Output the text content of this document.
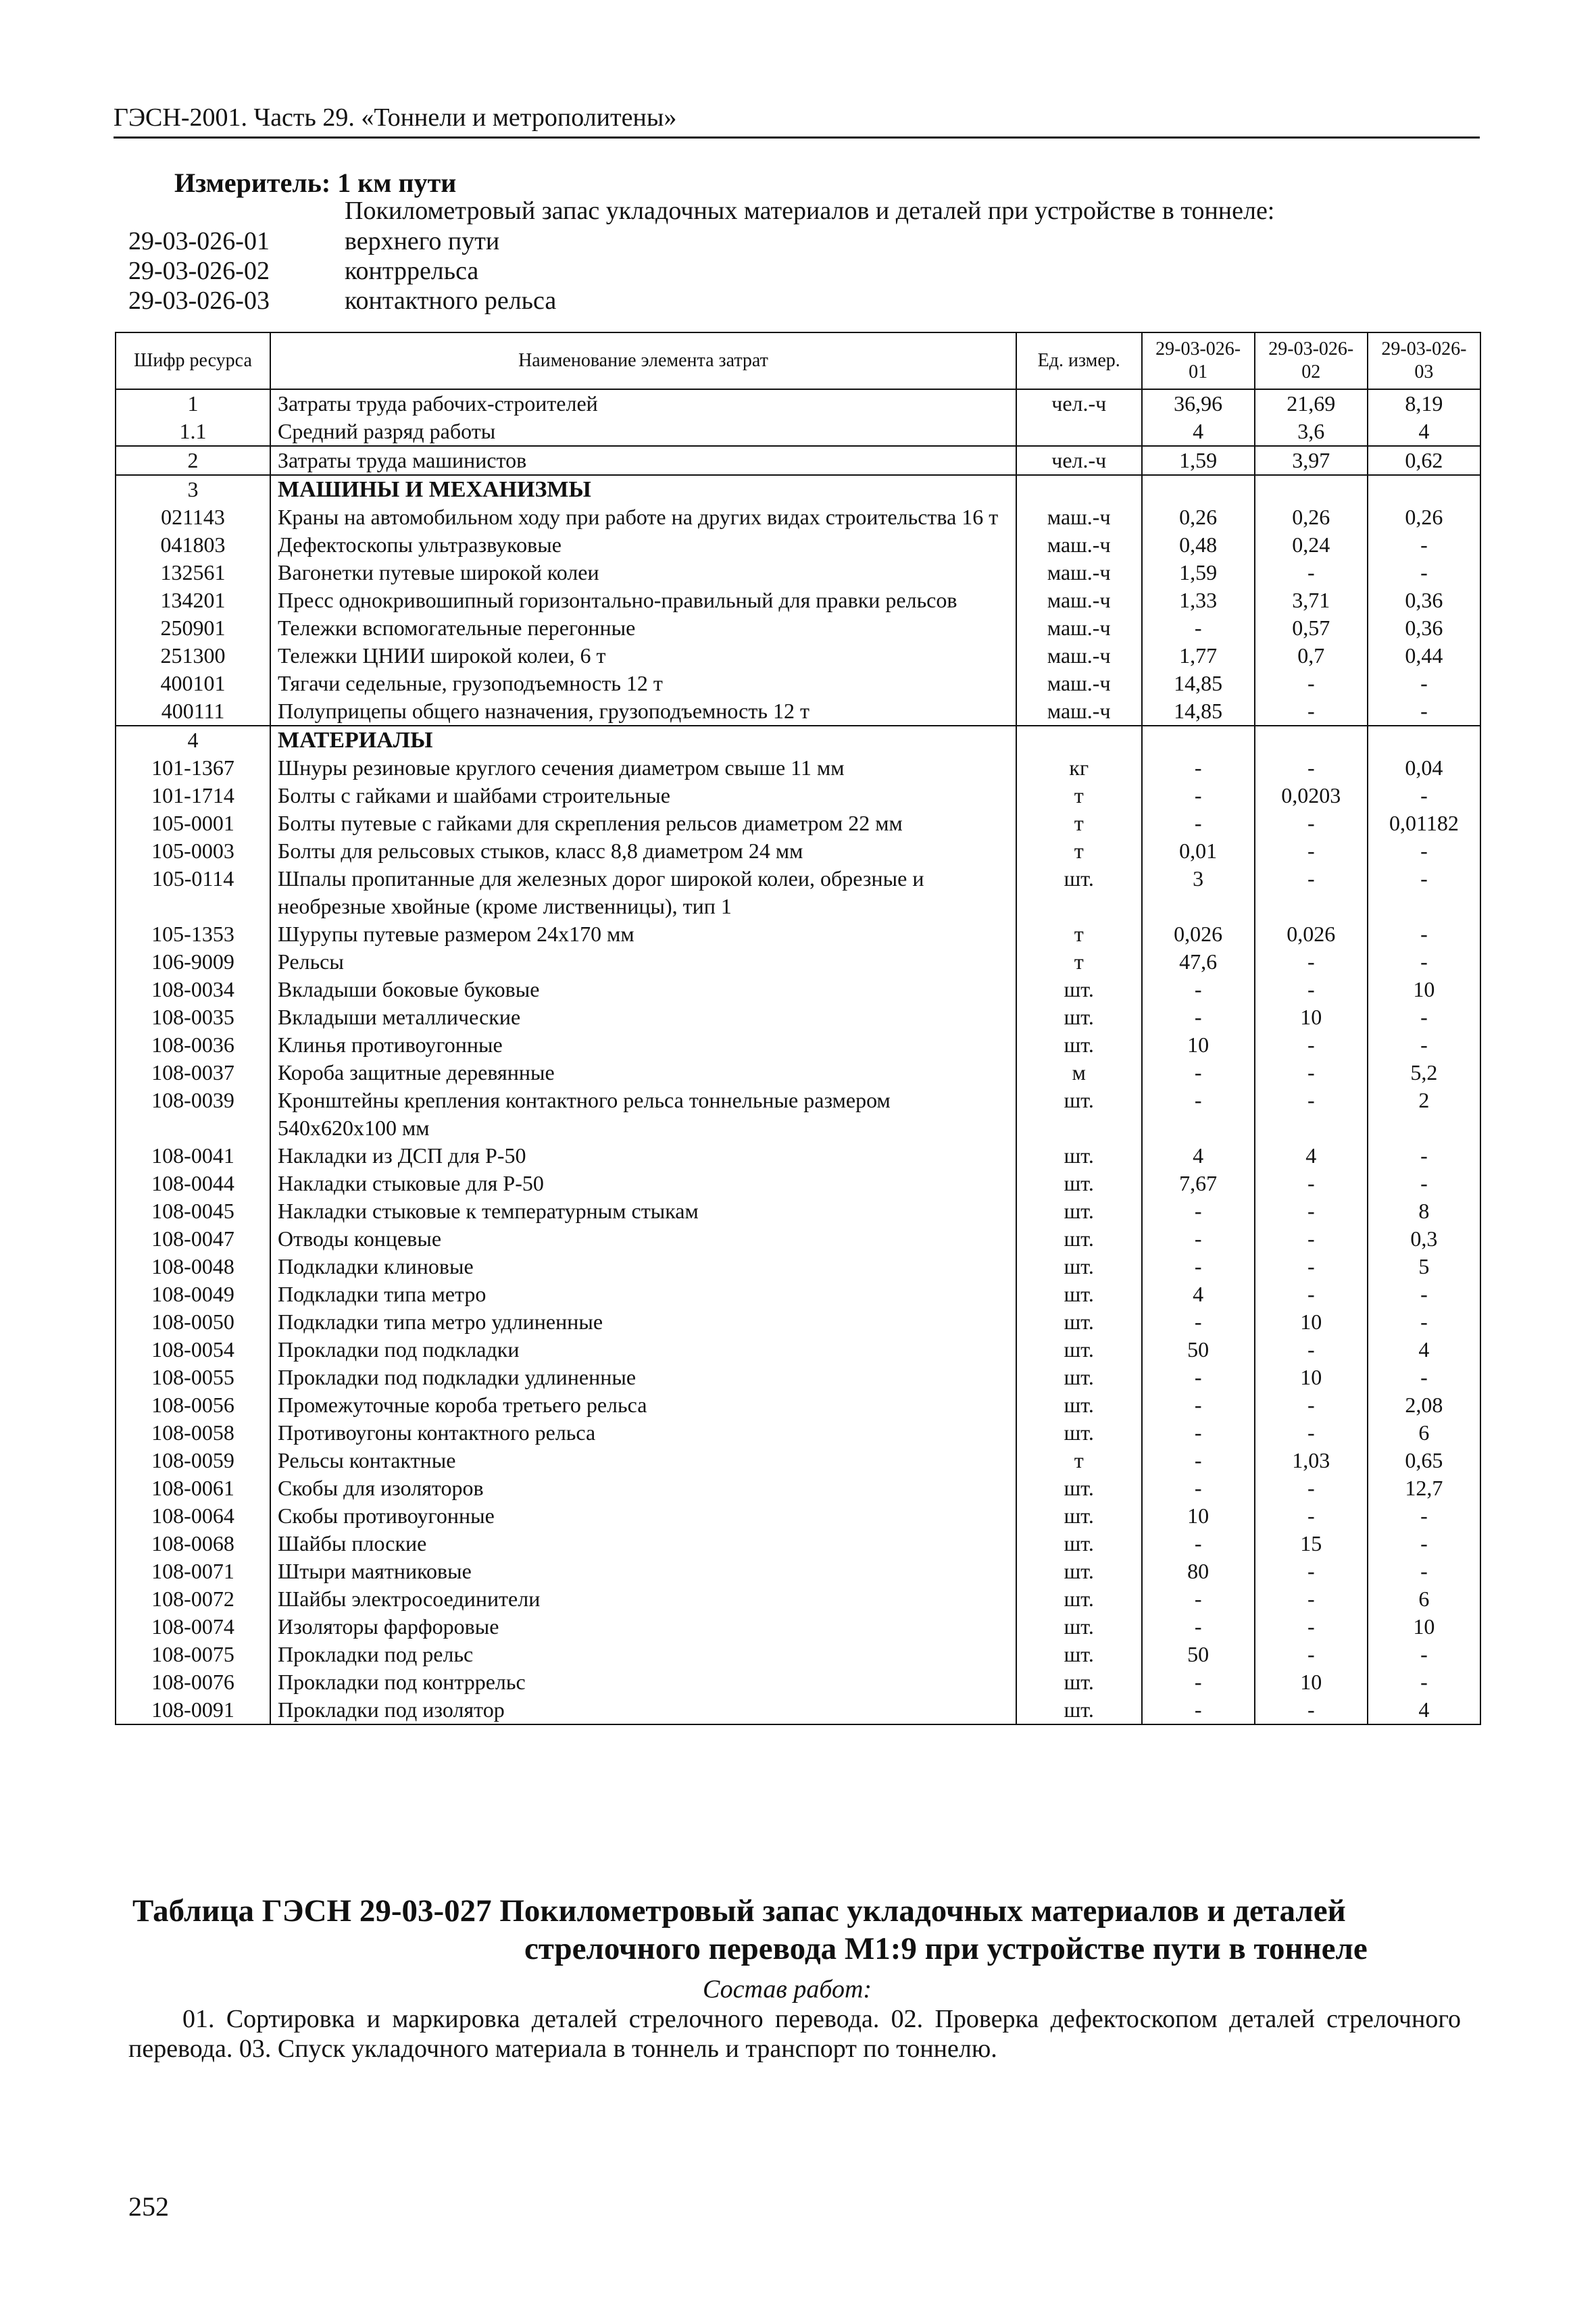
ГЭСН-2001. Часть 29. «Тоннели и метрополитены»
Измеритель: 1 км пути
Покилометровый запас укладочных материалов и деталей при устройстве в тоннеле:
29-03-026-01	верхнего пути
29-03-026-02	контррельса
29-03-026-03	контактного рельса
Шифр ресурса	Наименование элемента затрат	Ед. измер.	29-03-026-01	29-03-026-02	29-03-026-03
1	Затраты труда рабочих-строителей	чел.-ч	36,96	21,69	8,19
1.1	Средний разряд работы		4	3,6	4
2	Затраты труда машинистов	чел.-ч	1,59	3,97	0,62
3	МАШИНЫ И МЕХАНИЗМЫ				
021143	Краны на автомобильном ходу при работе на других видах строительства 16 т	маш.-ч	0,26	0,26	0,26
041803	Дефектоскопы ультразвуковые	маш.-ч	0,48	0,24	-
132561	Вагонетки путевые широкой колеи	маш.-ч	1,59	-	-
134201	Пресс однокривошипный горизонтально-правильный для правки рельсов	маш.-ч	1,33	3,71	0,36
250901	Тележки вспомогательные перегонные	маш.-ч	-	0,57	0,36
251300	Тележки ЦНИИ широкой колеи, 6 т	маш.-ч	1,77	0,7	0,44
400101	Тягачи седельные, грузоподъемность 12 т	маш.-ч	14,85	-	-
400111	Полуприцепы общего назначения, грузоподъемность 12 т	маш.-ч	14,85	-	-
4	МАТЕРИАЛЫ				
101-1367	Шнуры резиновые круглого сечения диаметром свыше 11 мм	кг	-	-	0,04
101-1714	Болты с гайками и шайбами строительные	т	-	0,0203	-
105-0001	Болты путевые с гайками для скрепления рельсов диаметром 22 мм	т	-	-	0,01182
105-0003	Болты для рельсовых стыков, класс 8,8 диаметром 24 мм	т	0,01	-	-
105-0114	Шпалы пропитанные для железных дорог широкой колеи, обрезные и необрезные хвойные (кроме лиственницы), тип 1	шт.	3	-	-
105-1353	Шурупы путевые размером 24х170 мм	т	0,026	0,026	-
106-9009	Рельсы	т	47,6	-	-
108-0034	Вкладыши боковые буковые	шт.	-	-	10
108-0035	Вкладыши металлические	шт.	-	10	-
108-0036	Клинья противоугонные	шт.	10	-	-
108-0037	Короба защитные деревянные	м	-	-	5,2
108-0039	Кронштейны крепления контактного рельса тоннельные размером 540х620х100 мм	шт.	-	-	2
108-0041	Накладки из ДСП для Р-50	шт.	4	4	-
108-0044	Накладки стыковые для Р-50	шт.	7,67	-	-
108-0045	Накладки стыковые к температурным стыкам	шт.	-	-	8
108-0047	Отводы концевые	шт.	-	-	0,3
108-0048	Подкладки клиновые	шт.	-	-	5
108-0049	Подкладки типа метро	шт.	4	-	-
108-0050	Подкладки типа метро удлиненные	шт.	-	10	-
108-0054	Прокладки под подкладки	шт.	50	-	4
108-0055	Прокладки под подкладки удлиненные	шт.	-	10	-
108-0056	Промежуточные короба третьего рельса	шт.	-	-	2,08
108-0058	Противоугоны контактного рельса	шт.	-	-	6
108-0059	Рельсы контактные	т	-	1,03	0,65
108-0061	Скобы для изоляторов	шт.	-	-	12,7
108-0064	Скобы противоугонные	шт.	10	-	-
108-0068	Шайбы плоские	шт.	-	15	-
108-0071	Штыри маятниковые	шт.	80	-	-
108-0072	Шайбы электросоединители	шт.	-	-	6
108-0074	Изоляторы фарфоровые	шт.	-	-	10
108-0075	Прокладки под рельс	шт.	50	-	-
108-0076	Прокладки под контррельс	шт.	-	10	-
108-0091	Прокладки под изолятор	шт.	-	-	4
Таблица ГЭСН 29-03-027 Покилометровый запас укладочных материалов и деталей
стрелочного перевода М1:9 при устройстве пути в тоннеле
Состав работ:
01. Сортировка и маркировка деталей стрелочного перевода. 02. Проверка дефектоскопом деталей стрелочного перевода. 03. Спуск укладочного материала в тоннель и транспорт по тоннелю.
252
